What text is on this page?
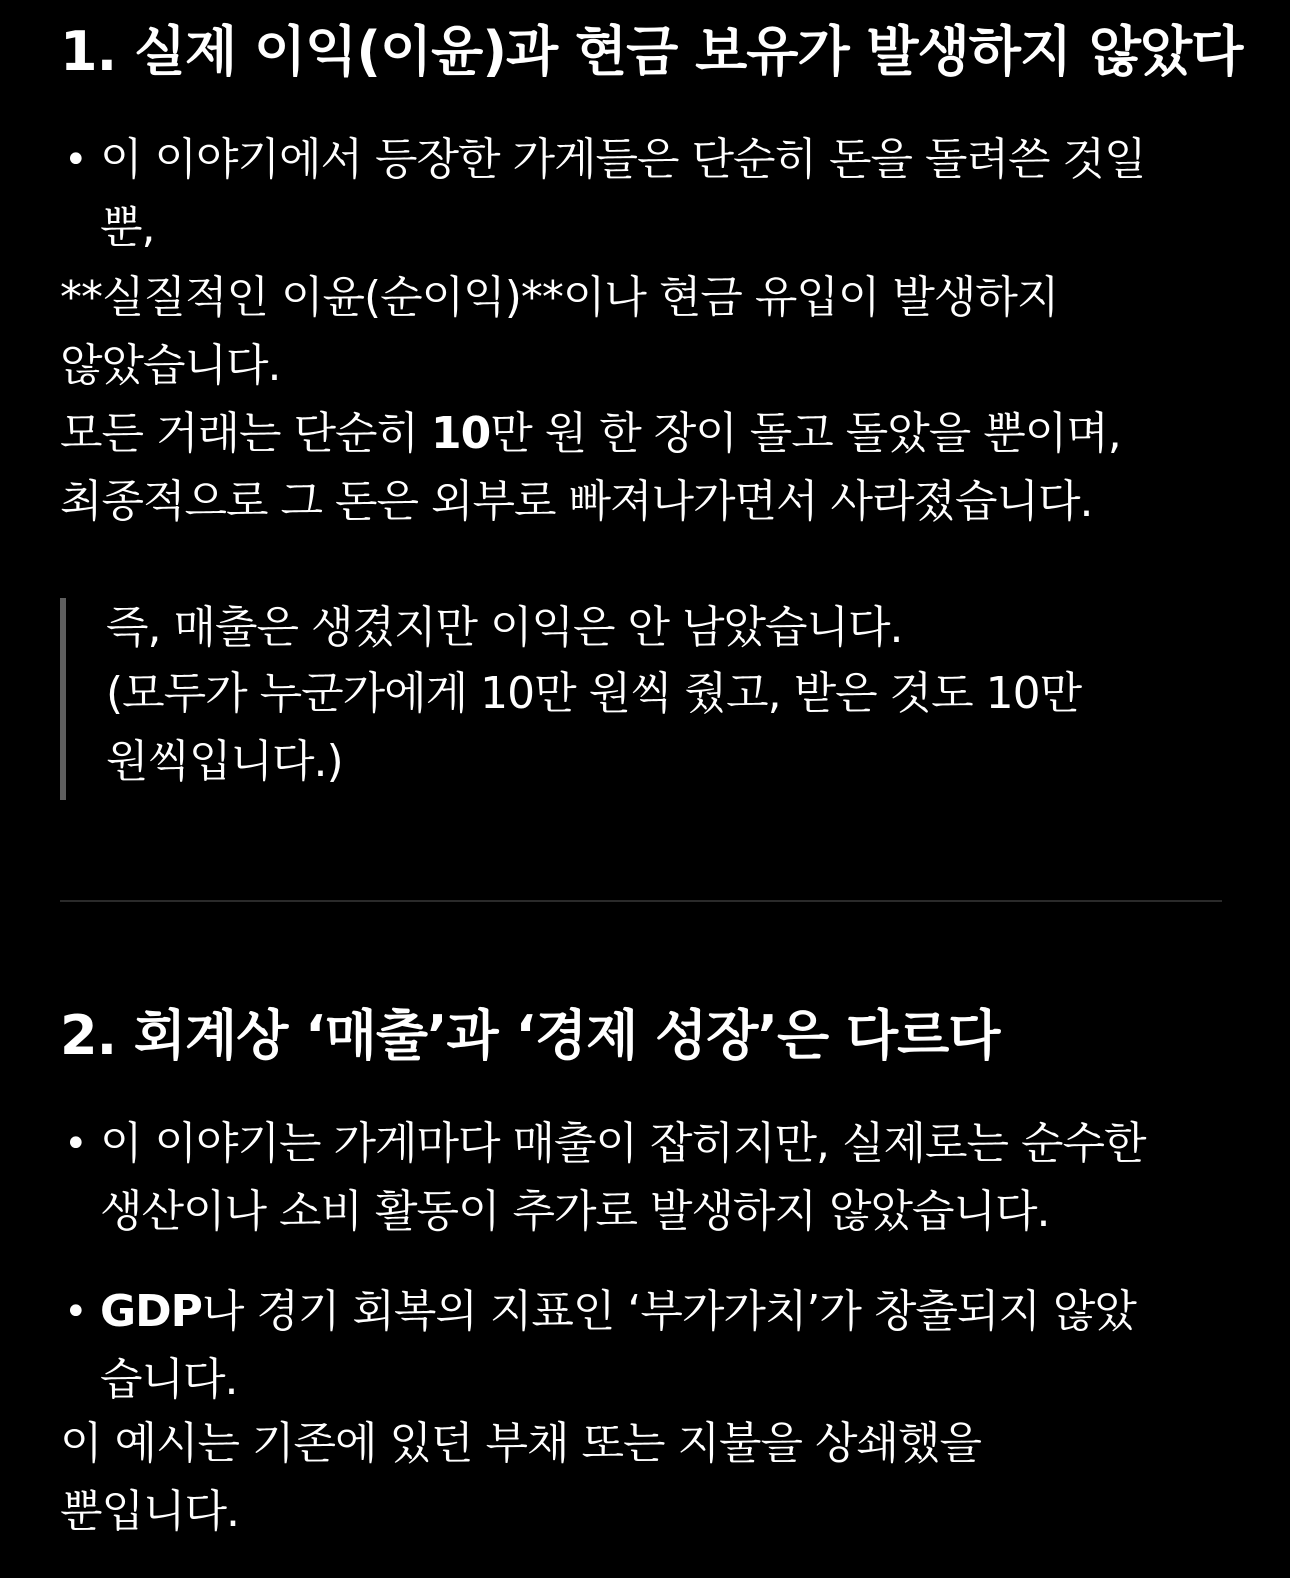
1. 실제 이익(이윤)과 현금 보유가 발생하지 않았다
• 이 이야기에서 등장한 가게들은 단순히 돈을 돌려쓴 것일
뿐,
**실질적인 이윤(순이익)**이나 현금 유입이 발생하지
않았습니다.
모든 거래는 단순히 10만 원 한 장이 돌고 돌았을 뿐이며,
최종적으로 그 돈은 외부로 빠져나가면서 사라졌습니다.
즉, 매출은 생겼지만 이익은 안 남았습니다.
(모두가 누군가에게 10만 원씩 줬고, 받은 것도 10만
원씩입니다.)
2. 회계상 ‘매출’과 ‘경제 성장’은 다르다
• 이 이야기는 가게마다 매출이 잡히지만, 실제로는 순수한
생산이나 소비 활동이 추가로 발생하지 않았습니다.
• GDP나 경기 회복의 지표인 ‘부가가치’가 창출되지 않았
습니다.
이 예시는 기존에 있던 부채 또는 지불을 상쇄했을
뿐입니다.
